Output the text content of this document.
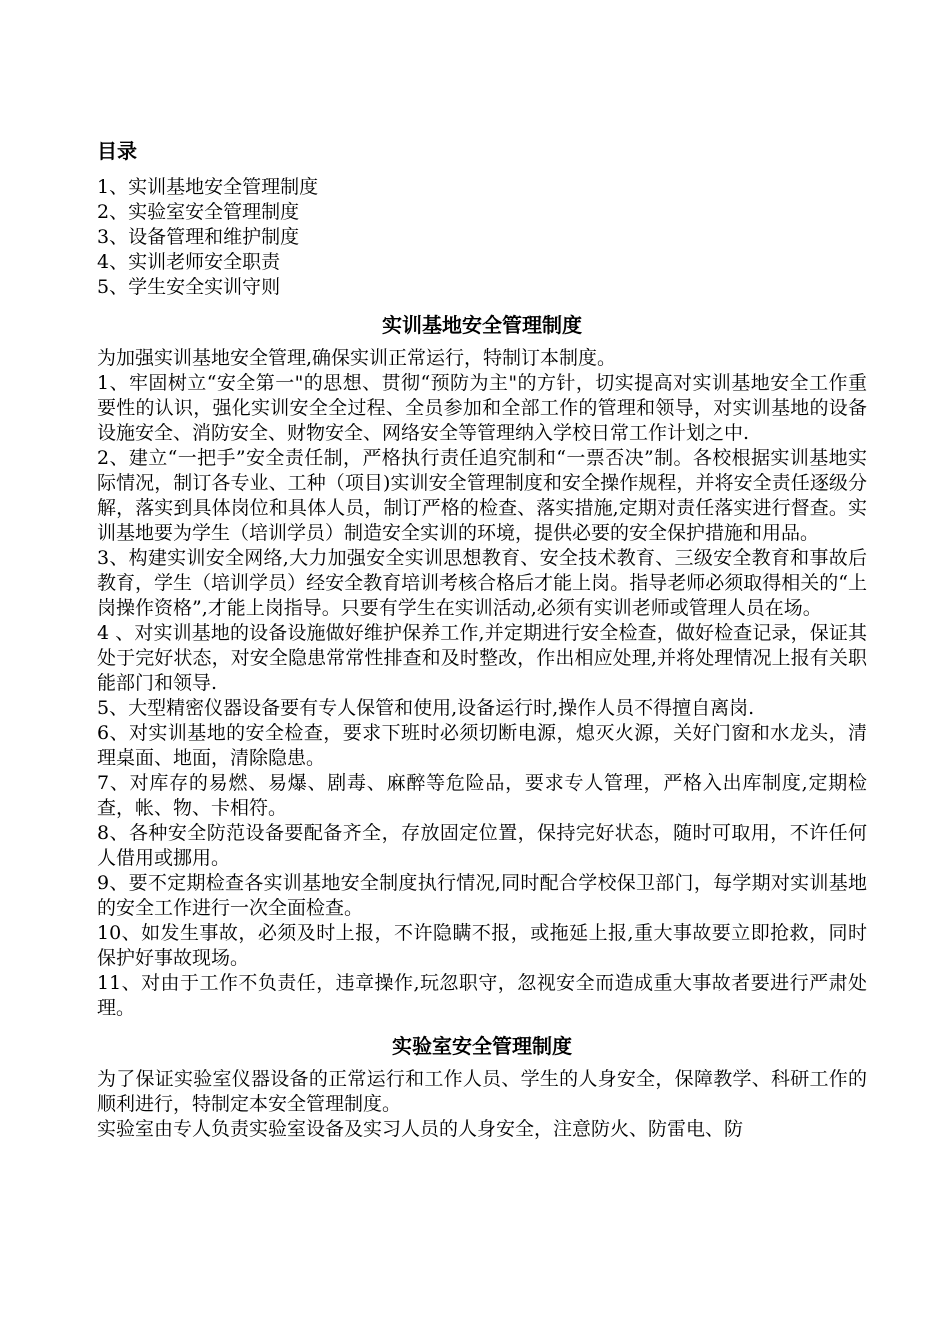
目录
1、实训基地安全管理制度
2、实验室安全管理制度
3、设备管理和维护制度
4、实训老师安全职责
5、学生安全实训守则
实训基地安全管理制度

为加强实训基地安全管理,确保实训正常运行，特制订本制度。

1、牢固树立“安全第一"的思想、贯彻“预防为主"的方针，切实提高对实训基地安全工作重要性的认识，强化实训安全全过程、全员参加和全部工作的管理和领导，对实训基地的设备设施安全、消防安全、财物安全、网络安全等管理纳入学校日常工作计划之中.

2、建立“一把手”安全责任制，严格执行责任追究制和“一票否决”制。各校根据实训基地实际情况，制订各专业、工种（项目)实训安全管理制度和安全操作规程，并将安全责任逐级分解，落实到具体岗位和具体人员，制订严格的检查、落实措施,定期对责任落实进行督查。实训基地要为学生（培训学员）制造安全实训的环境，提供必要的安全保护措施和用品。

3、构建实训安全网络,大力加强安全实训思想教育、安全技术教育、三级安全教育和事故后教育，学生（培训学员）经安全教育培训考核合格后才能上岗。指导老师必须取得相关的“上岗操作资格”,才能上岗指导。只要有学生在实训活动,必须有实训老师或管理人员在场。

4 、对实训基地的设备设施做好维护保养工作,并定期进行安全检查，做好检查记录，保证其处于完好状态，对安全隐患常常性排查和及时整改，作出相应处理,并将处理情况上报有关职能部门和领导.

5、大型精密仪器设备要有专人保管和使用,设备运行时,操作人员不得擅自离岗.

6、对实训基地的安全检查，要求下班时必须切断电源，熄灭火源，关好门窗和水龙头，清理桌面、地面，清除隐患。

7、对库存的易燃、易爆、剧毒、麻醉等危险品，要求专人管理，严格入出库制度,定期检查，帐、物、卡相符。

8、各种安全防范设备要配备齐全，存放固定位置，保持完好状态，随时可取用，不许任何人借用或挪用。

9、要不定期检查各实训基地安全制度执行情况,同时配合学校保卫部门，每学期对实训基地的安全工作进行一次全面检查。

10、如发生事故，必须及时上报，不许隐瞒不报，或拖延上报,重大事故要立即抢救，同时保护好事故现场。

11、对由于工作不负责任，违章操作,玩忽职守，忽视安全而造成重大事故者要进行严肃处理。

实验室安全管理制度

为了保证实验室仪器设备的正常运行和工作人员、学生的人身安全，保障教学、科研工作的顺利进行，特制定本安全管理制度。

实验室由专人负责实验室设备及实习人员的人身安全，注意防火、防雷电、防
